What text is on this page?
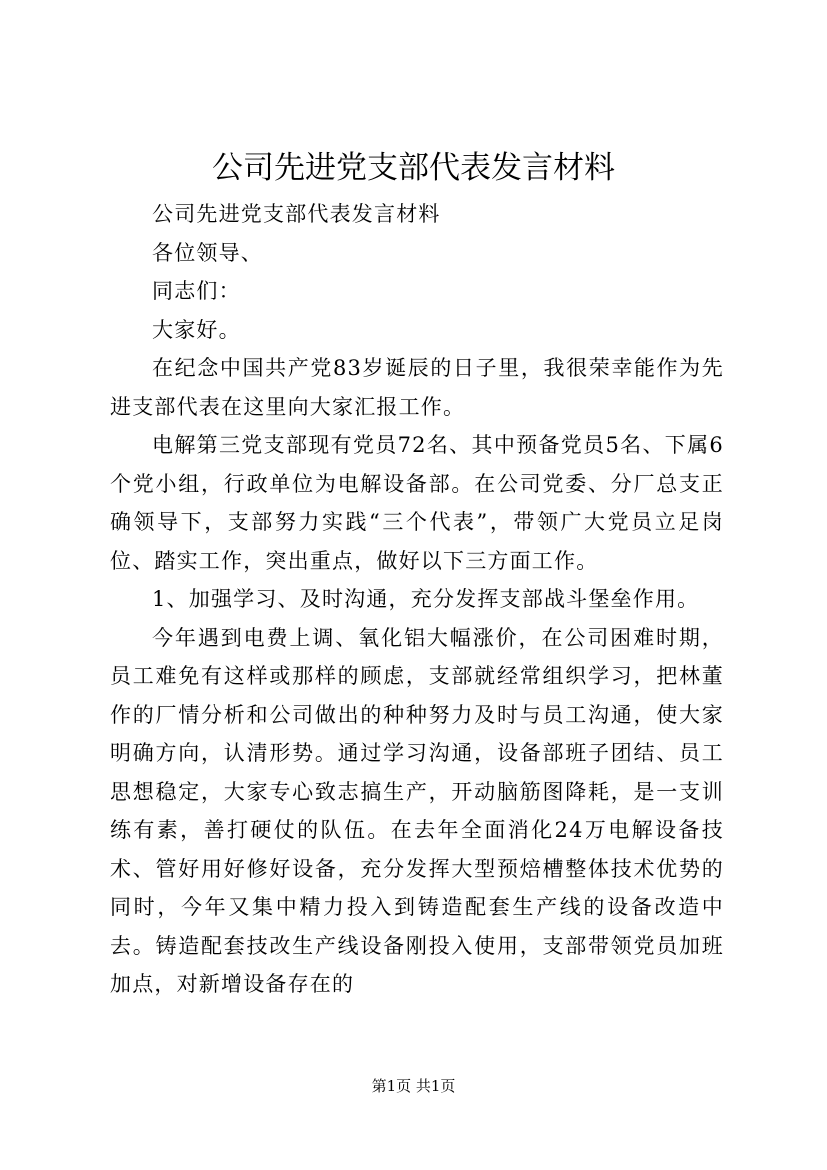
公司先进党支部代表发言材料

公司先进党支部代表发言材料

各位领导、

同志们：

大家好。

在纪念中国共产党83岁诞辰的日子里，我很荣幸能作为先进支部代表在这里向大家汇报工作。

电解第三党支部现有党员72名、其中预备党员5名、下属6个党小组，行政单位为电解设备部。在公司党委、分厂总支正确领导下，支部努力实践“三个代表”，带领广大党员立足岗位、踏实工作，突出重点，做好以下三方面工作。

1、加强学习、及时沟通，充分发挥支部战斗堡垒作用。

今年遇到电费上调、氧化铝大幅涨价，在公司困难时期，员工难免有这样或那样的顾虑，支部就经常组织学习，把林董作的厂情分析和公司做出的种种努力及时与员工沟通，使大家明确方向，认清形势。通过学习沟通，设备部班子团结、员工思想稳定，大家专心致志搞生产，开动脑筋图降耗，是一支训练有素，善打硬仗的队伍。在去年全面消化24万电解设备技术、管好用好修好设备，充分发挥大型预焙槽整体技术优势的同时，今年又集中精力投入到铸造配套生产线的设备改造中去。铸造配套技改生产线设备刚投入使用，支部带领党员加班加点，对新增设备存在的

第1页 共1页
